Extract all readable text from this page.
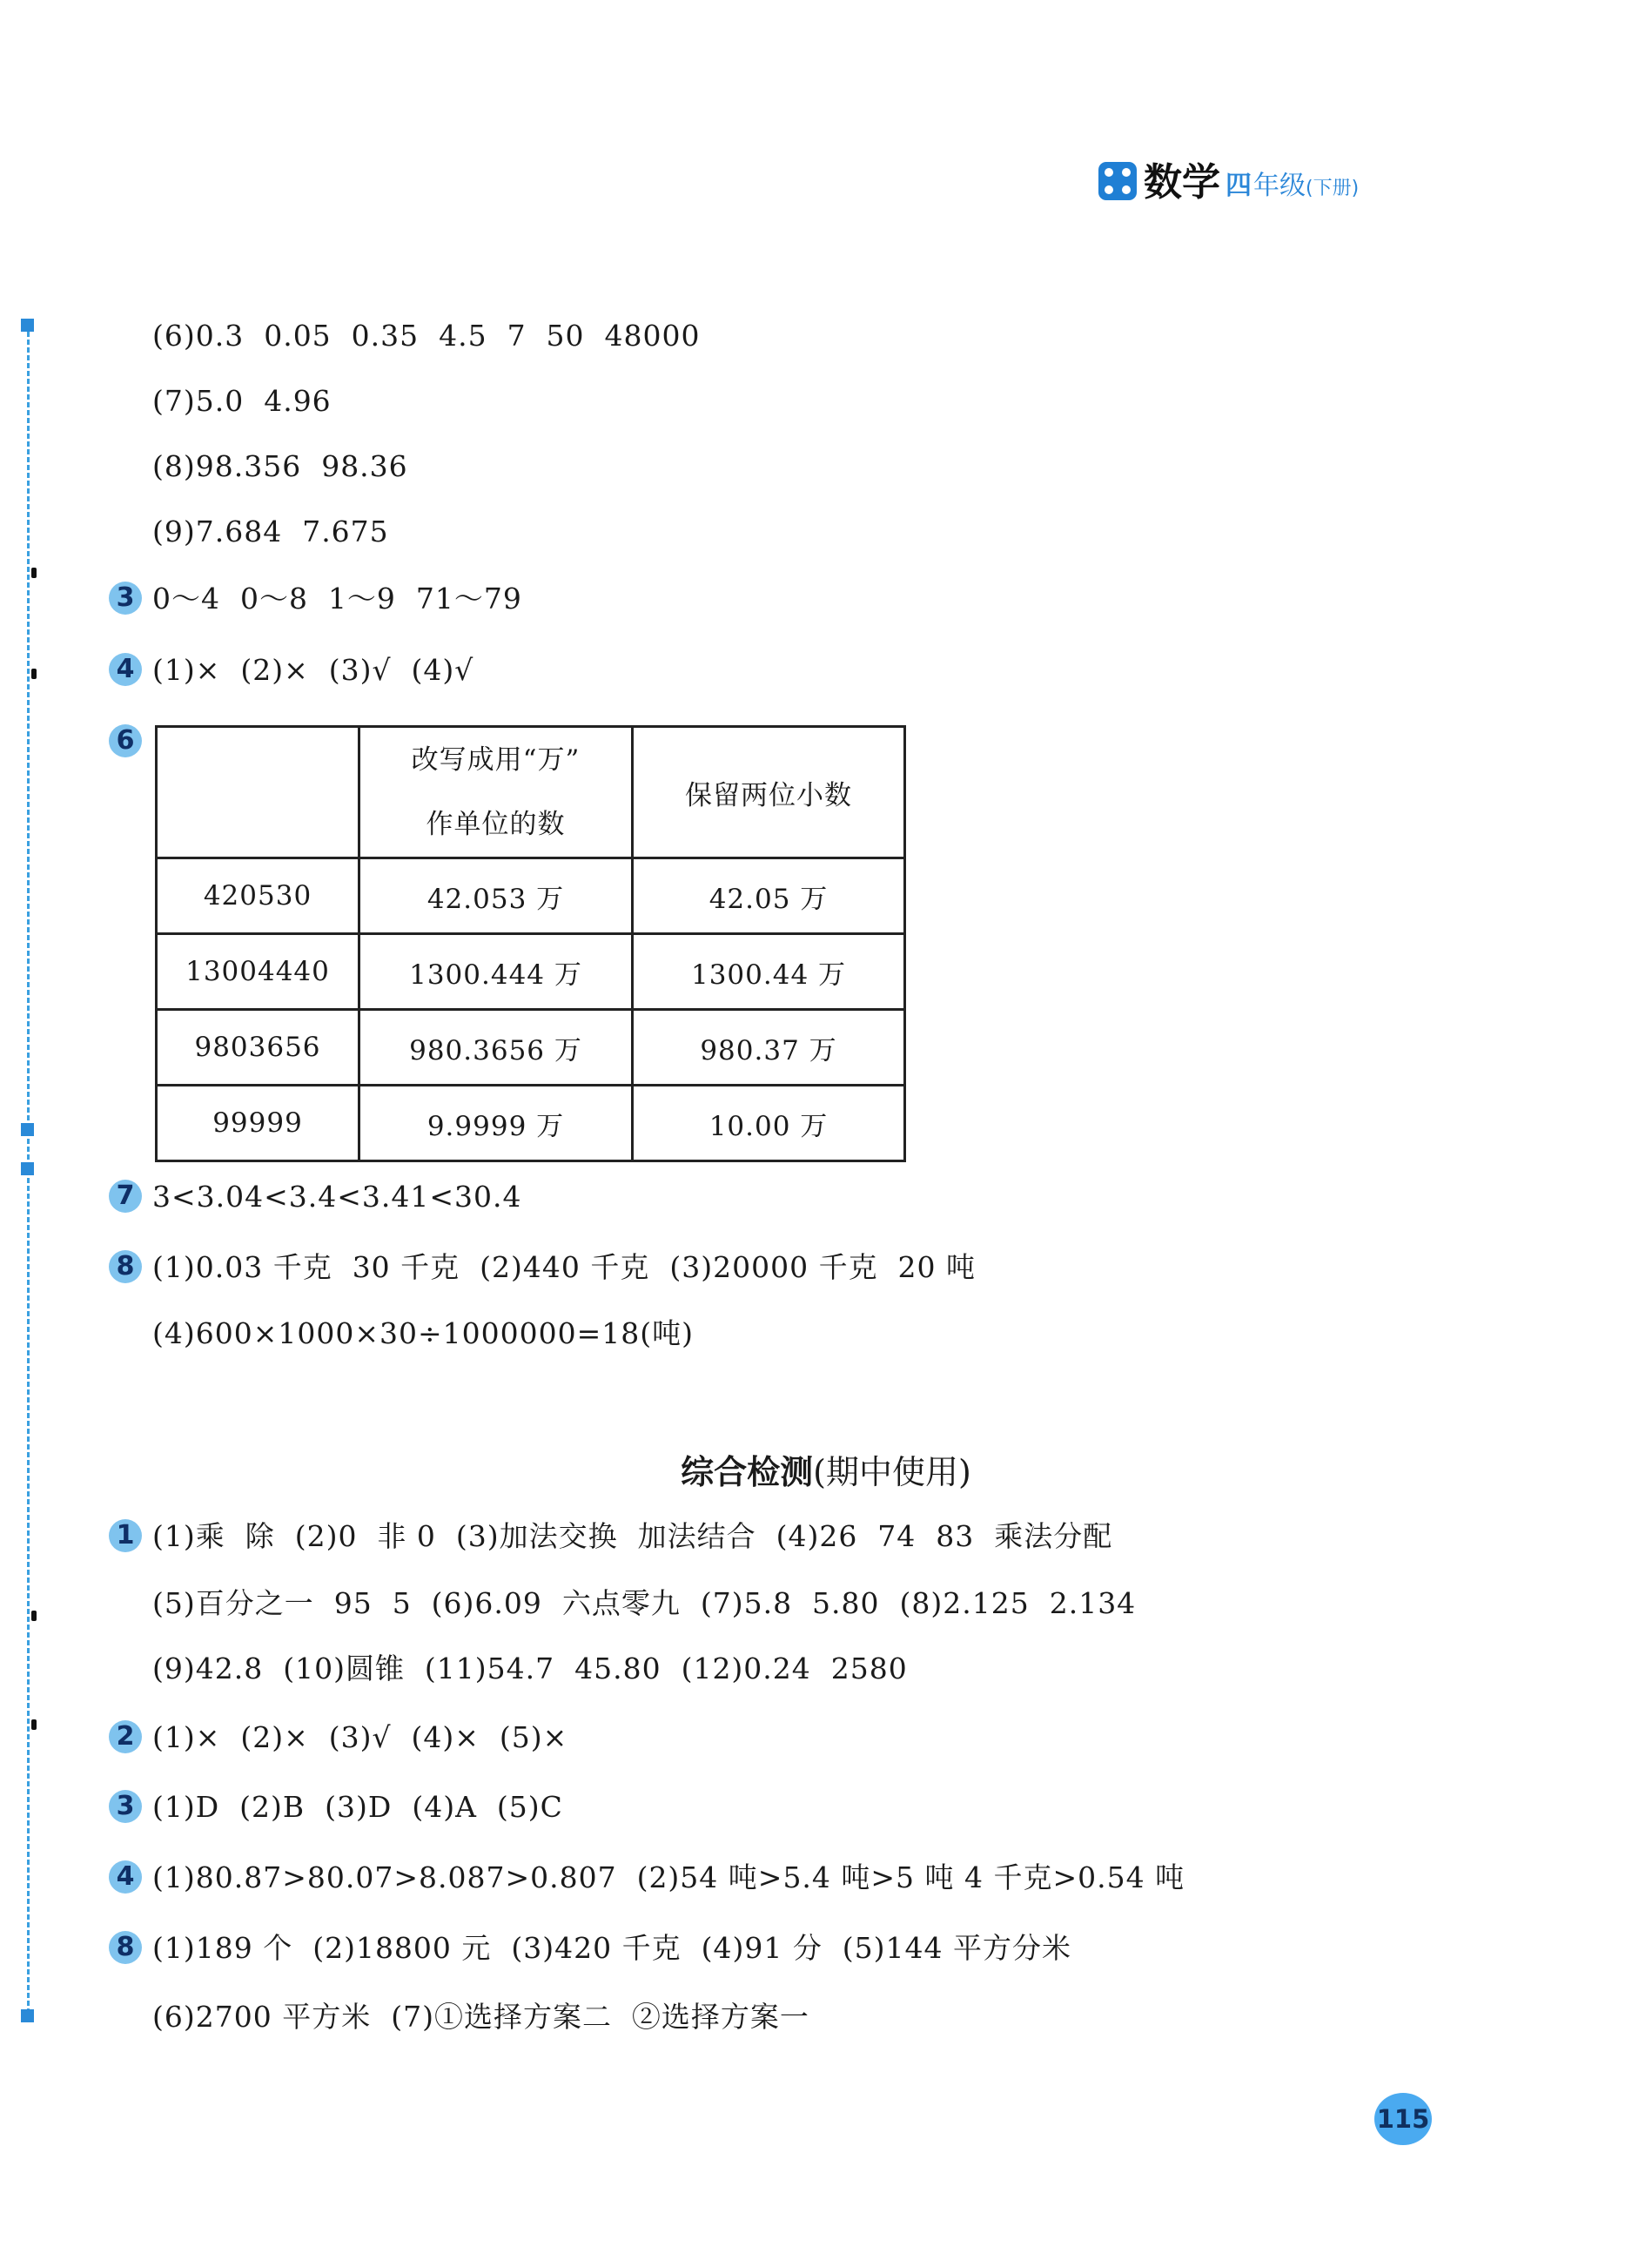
数学 四 年级 (下册)
(6)0.3  0.05  0.35  4.5  7  50  48000
(7)5.0  4.96
(8)98.356  98.36
(9)7.684  7.675
3 0～4  0～8  1～9  71～79
4 (1)×  (2)×  (3)√  (4)√
6

	改写成用“万”
作单位的数	保留两位小数
420530	42.053 万	42.05 万
13004440	1300.444 万	1300.44 万
9803656	980.3656 万	980.37 万
99999	9.9999 万	10.00 万
7 3<3.04<3.4<3.41<30.4
8 (1)0.03 千克  30 千克  (2)440 千克  (3)20000 千克  20 吨
(4)600×1000×30÷1000000=18(吨)
综合检测(期中使用)
1 (1)乘  除  (2)0  非 0  (3)加法交换  加法结合  (4)26  74  83  乘法分配
(5)百分之一  95  5  (6)6.09  六点零九  (7)5.8  5.80  (8)2.125  2.134
(9)42.8  (10)圆锥  (11)54.7  45.80  (12)0.24  2580
2 (1)×  (2)×  (3)√  (4)×  (5)×
3 (1)D  (2)B  (3)D  (4)A  (5)C
4 (1)80.87>80.07>8.087>0.807  (2)54 吨>5.4 吨>5 吨 4 千克>0.54 吨
8 (1)189 个  (2)18800 元  (3)420 千克  (4)91 分  (5)144 平方分米
(6)2700 平方米  (7)①选择方案二  ②选择方案一
115
